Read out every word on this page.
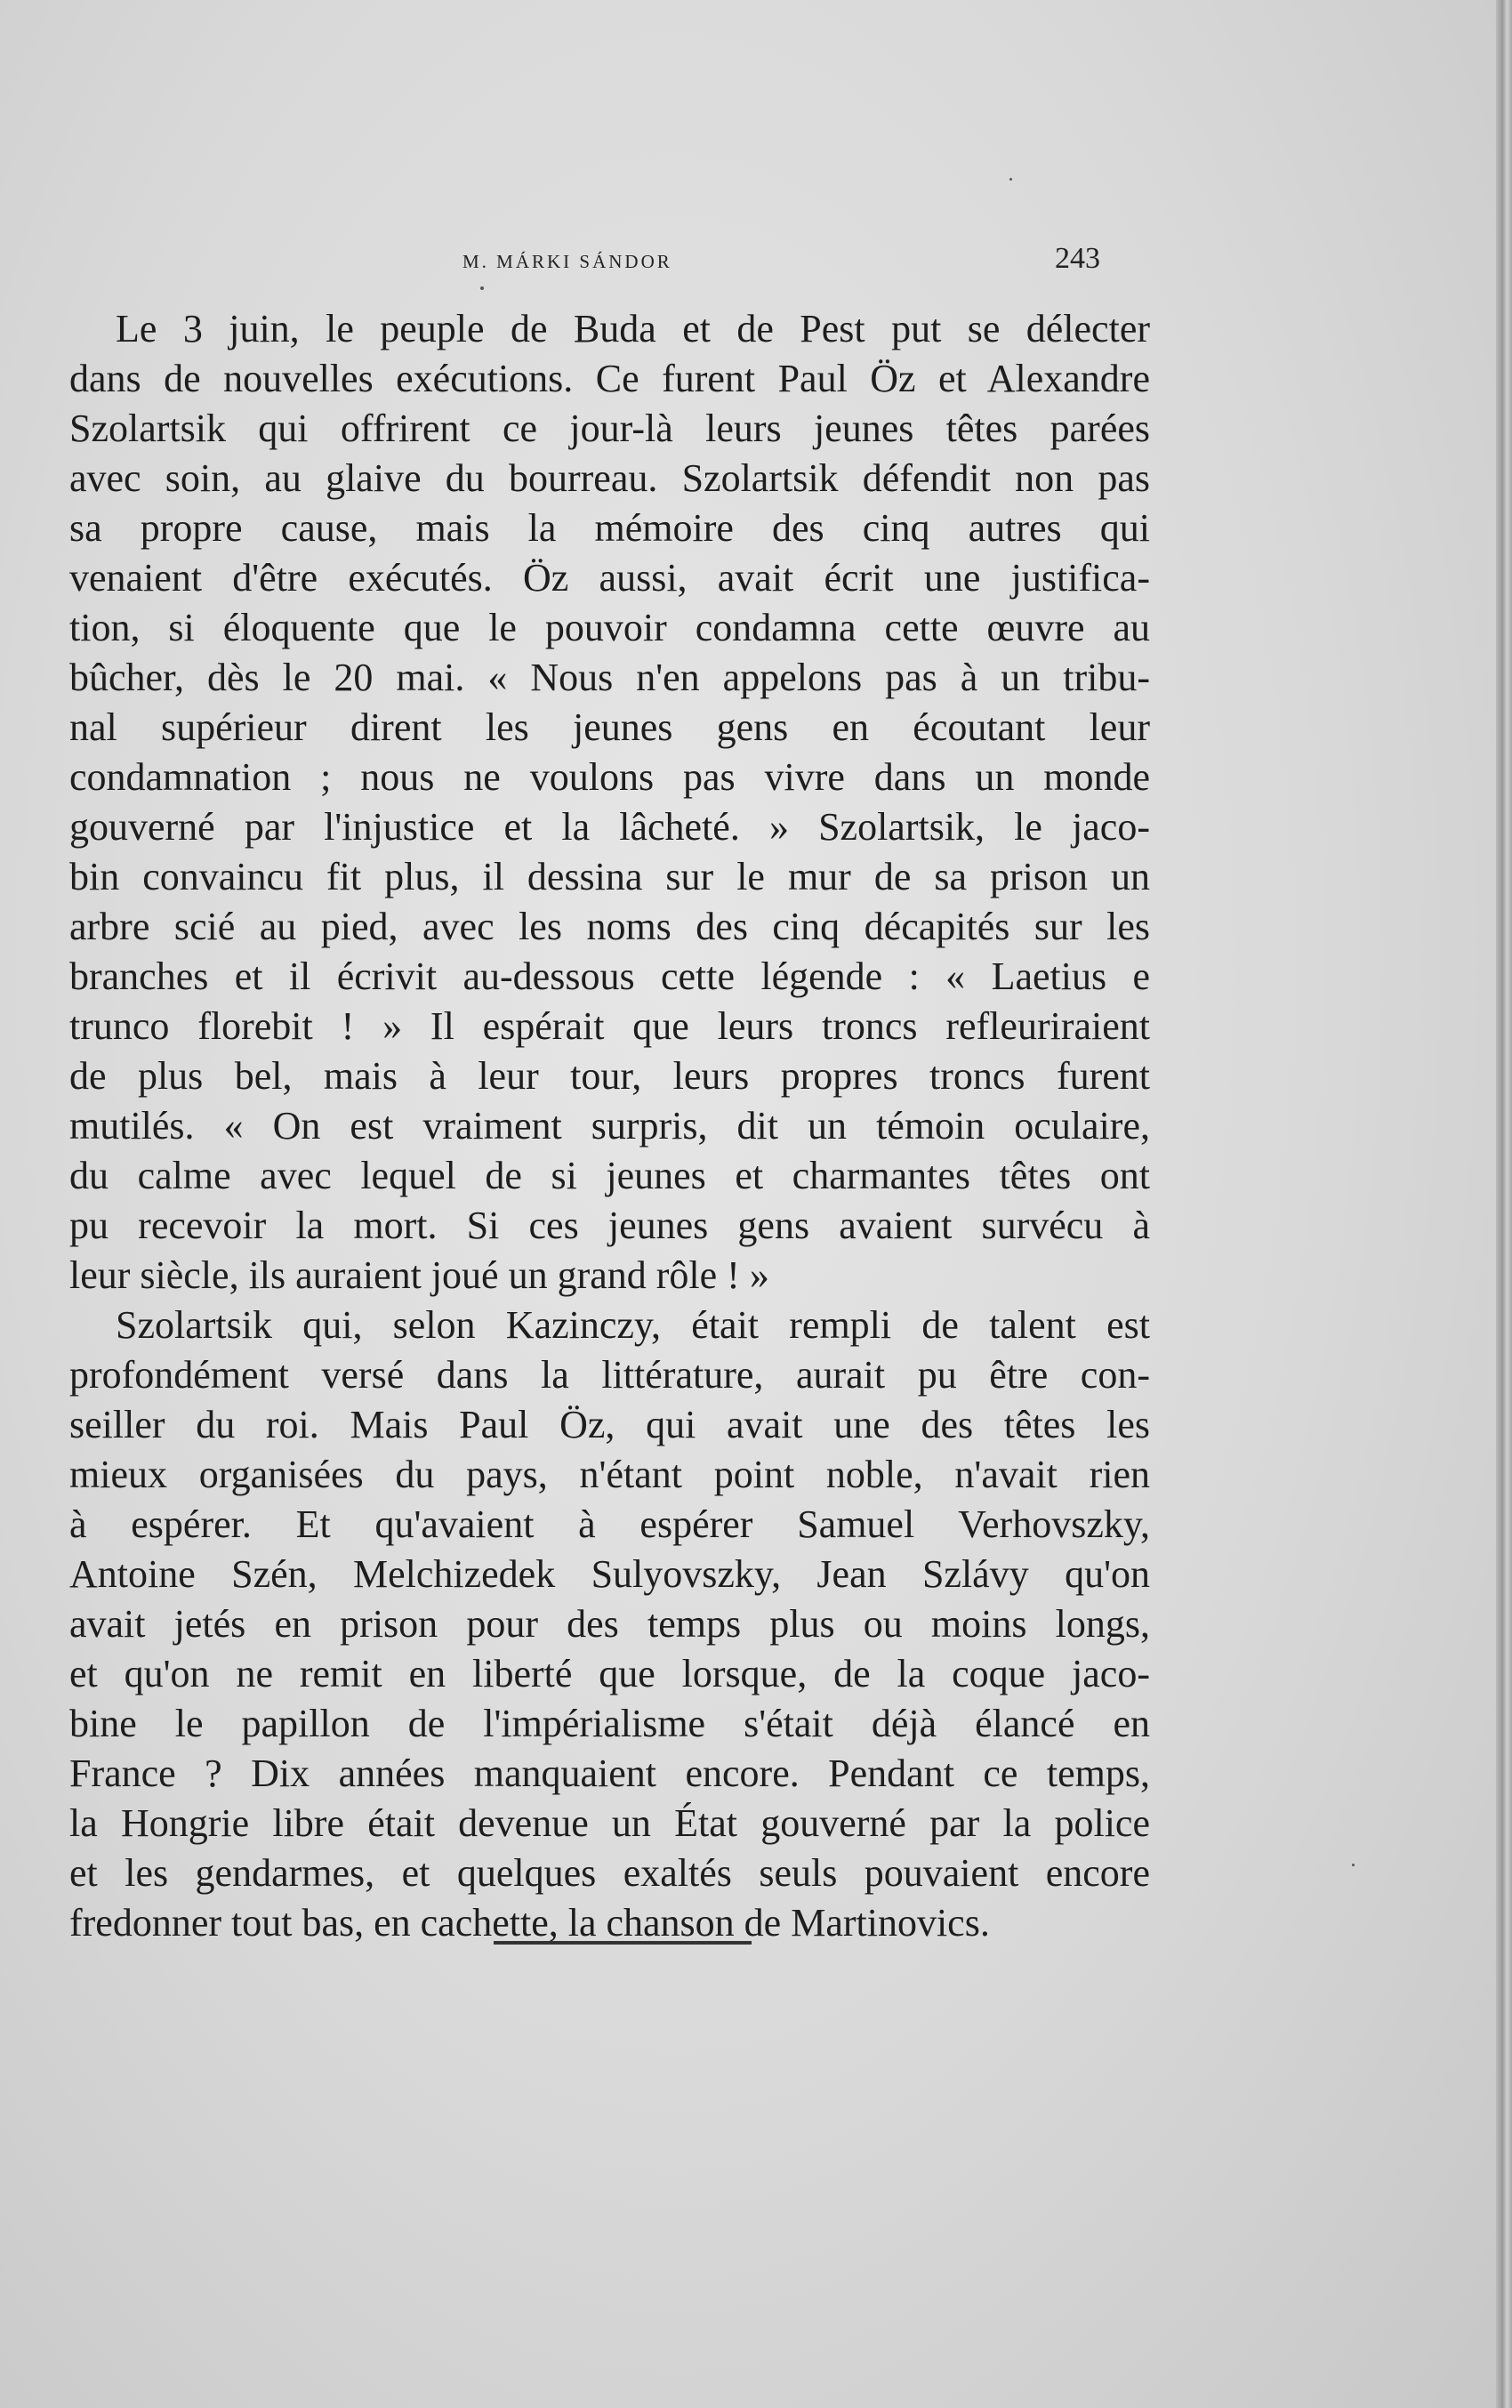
M. MÁRKI SÁNDOR	243
Le 3 juin, le peuple de Buda et de Pest put se délecter
dans de nouvelles exécutions. Ce furent Paul Öz et Alexandre
Szolartsik qui offrirent ce jour-là leurs jeunes têtes parées
avec soin, au glaive du bourreau. Szolartsik défendit non pas
sa propre cause, mais la mémoire des cinq autres qui
venaient d'être exécutés. Öz aussi, avait écrit une justifica-
tion, si éloquente que le pouvoir condamna cette œuvre au
bûcher, dès le 20 mai. « Nous n'en appelons pas à un tribu-
nal supérieur dirent les jeunes gens en écoutant leur
condamnation ; nous ne voulons pas vivre dans un monde
gouverné par l'injustice et la lâcheté. » Szolartsik, le jaco-
bin convaincu fit plus, il dessina sur le mur de sa prison un
arbre scié au pied, avec les noms des cinq décapités sur les
branches et il écrivit au-dessous cette légende : « Laetius e
trunco florebit ! » Il espérait que leurs troncs refleuriraient
de plus bel, mais à leur tour, leurs propres troncs furent
mutilés. « On est vraiment surpris, dit un témoin oculaire,
du calme avec lequel de si jeunes et charmantes têtes ont
pu recevoir la mort. Si ces jeunes gens avaient survécu à
leur siècle, ils auraient joué un grand rôle ! »
Szolartsik qui, selon Kazinczy, était rempli de talent est
profondément versé dans la littérature, aurait pu être con-
seiller du roi. Mais Paul Öz, qui avait une des têtes les
mieux organisées du pays, n'étant point noble, n'avait rien
à espérer. Et qu'avaient à espérer Samuel Verhovszky,
Antoine Szén, Melchizedek Sulyovszky, Jean Szlávy qu'on
avait jetés en prison pour des temps plus ou moins longs,
et qu'on ne remit en liberté que lorsque, de la coque jaco-
bine le papillon de l'impérialisme s'était déjà élancé en
France ? Dix années manquaient encore. Pendant ce temps,
la Hongrie libre était devenue un État gouverné par la police
et les gendarmes, et quelques exaltés seuls pouvaient encore
fredonner tout bas, en cachette, la chanson de Martinovics.
